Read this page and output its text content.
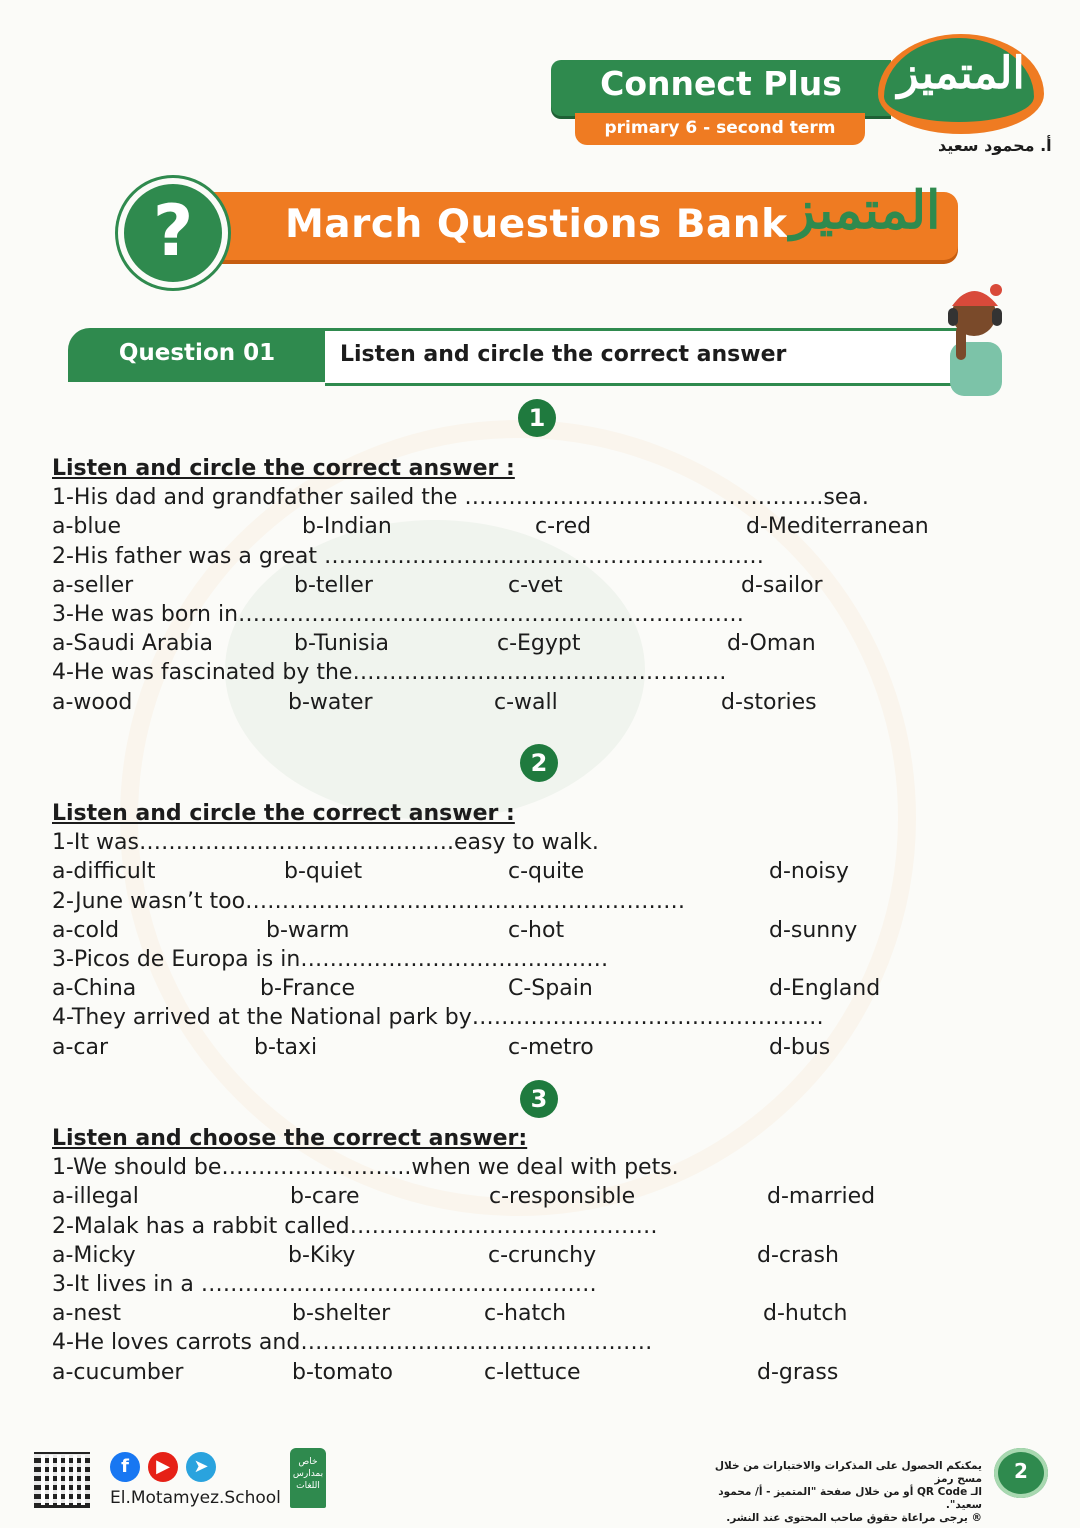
Connect Plus
primary 6 - second term
المتميز
أ. محمود سعيد
March Questions Bank المتميز
?
Question 01	Listen and circle the correct answer
1
Listen and circle the correct answer :
1-His dad and grandfather sailed the ………………………………………….sea.
a-blue	b-Indian	c-red	d-Mediterranean
2-His father was a great ……………………………………………………
a-seller	b-teller	c-vet	d-sailor
3-He was born in……………………………………………………………
a-Saudi Arabia	b-Tunisia	c-Egypt	d-Oman
4-He was fascinated by the……………………………………………
a-wood	b-water	c-wall	d-stories
2
Listen and circle the correct answer :
1-It was…………………………………….easy to walk.
a-difficult	b-quiet	c-quite	d-noisy
2-June wasn’t too……………………………………………………
a-cold	b-warm	c-hot	d-sunny
3-Picos de Europa is in……………………………………
a-China	b-France	C-Spain	d-England
4-They arrived at the National park by…………………………………………
a-car	b-taxi	c-metro	d-bus
3
Listen and choose the correct answer:
1-We should be……………………..when we deal with pets.
a-illegal	b-care	c-responsible	d-married
2-Malak has a rabbit called……………………………………
a-Micky	b-Kiky	c-crunchy	d-crash
3-It lives in a ………………………………………………
a-nest	b-shelter	c-hatch	d-hutch
4-He loves carrots and…………………………………………
a-cucumber	b-tomato	c-lettuce	d-grass
f	▶	➤
El.Motamyez.School
خاص بمدارس اللغات
يمكنكم الحصول على المذكرات والاختبارات من خلال مسح رمز
الـ QR Code أو من خلال صفحة "المتميز - أ/ محمود سعيد".
® يرجى مراعاة حقوق صاحب المحتوى عند النشر.
2
